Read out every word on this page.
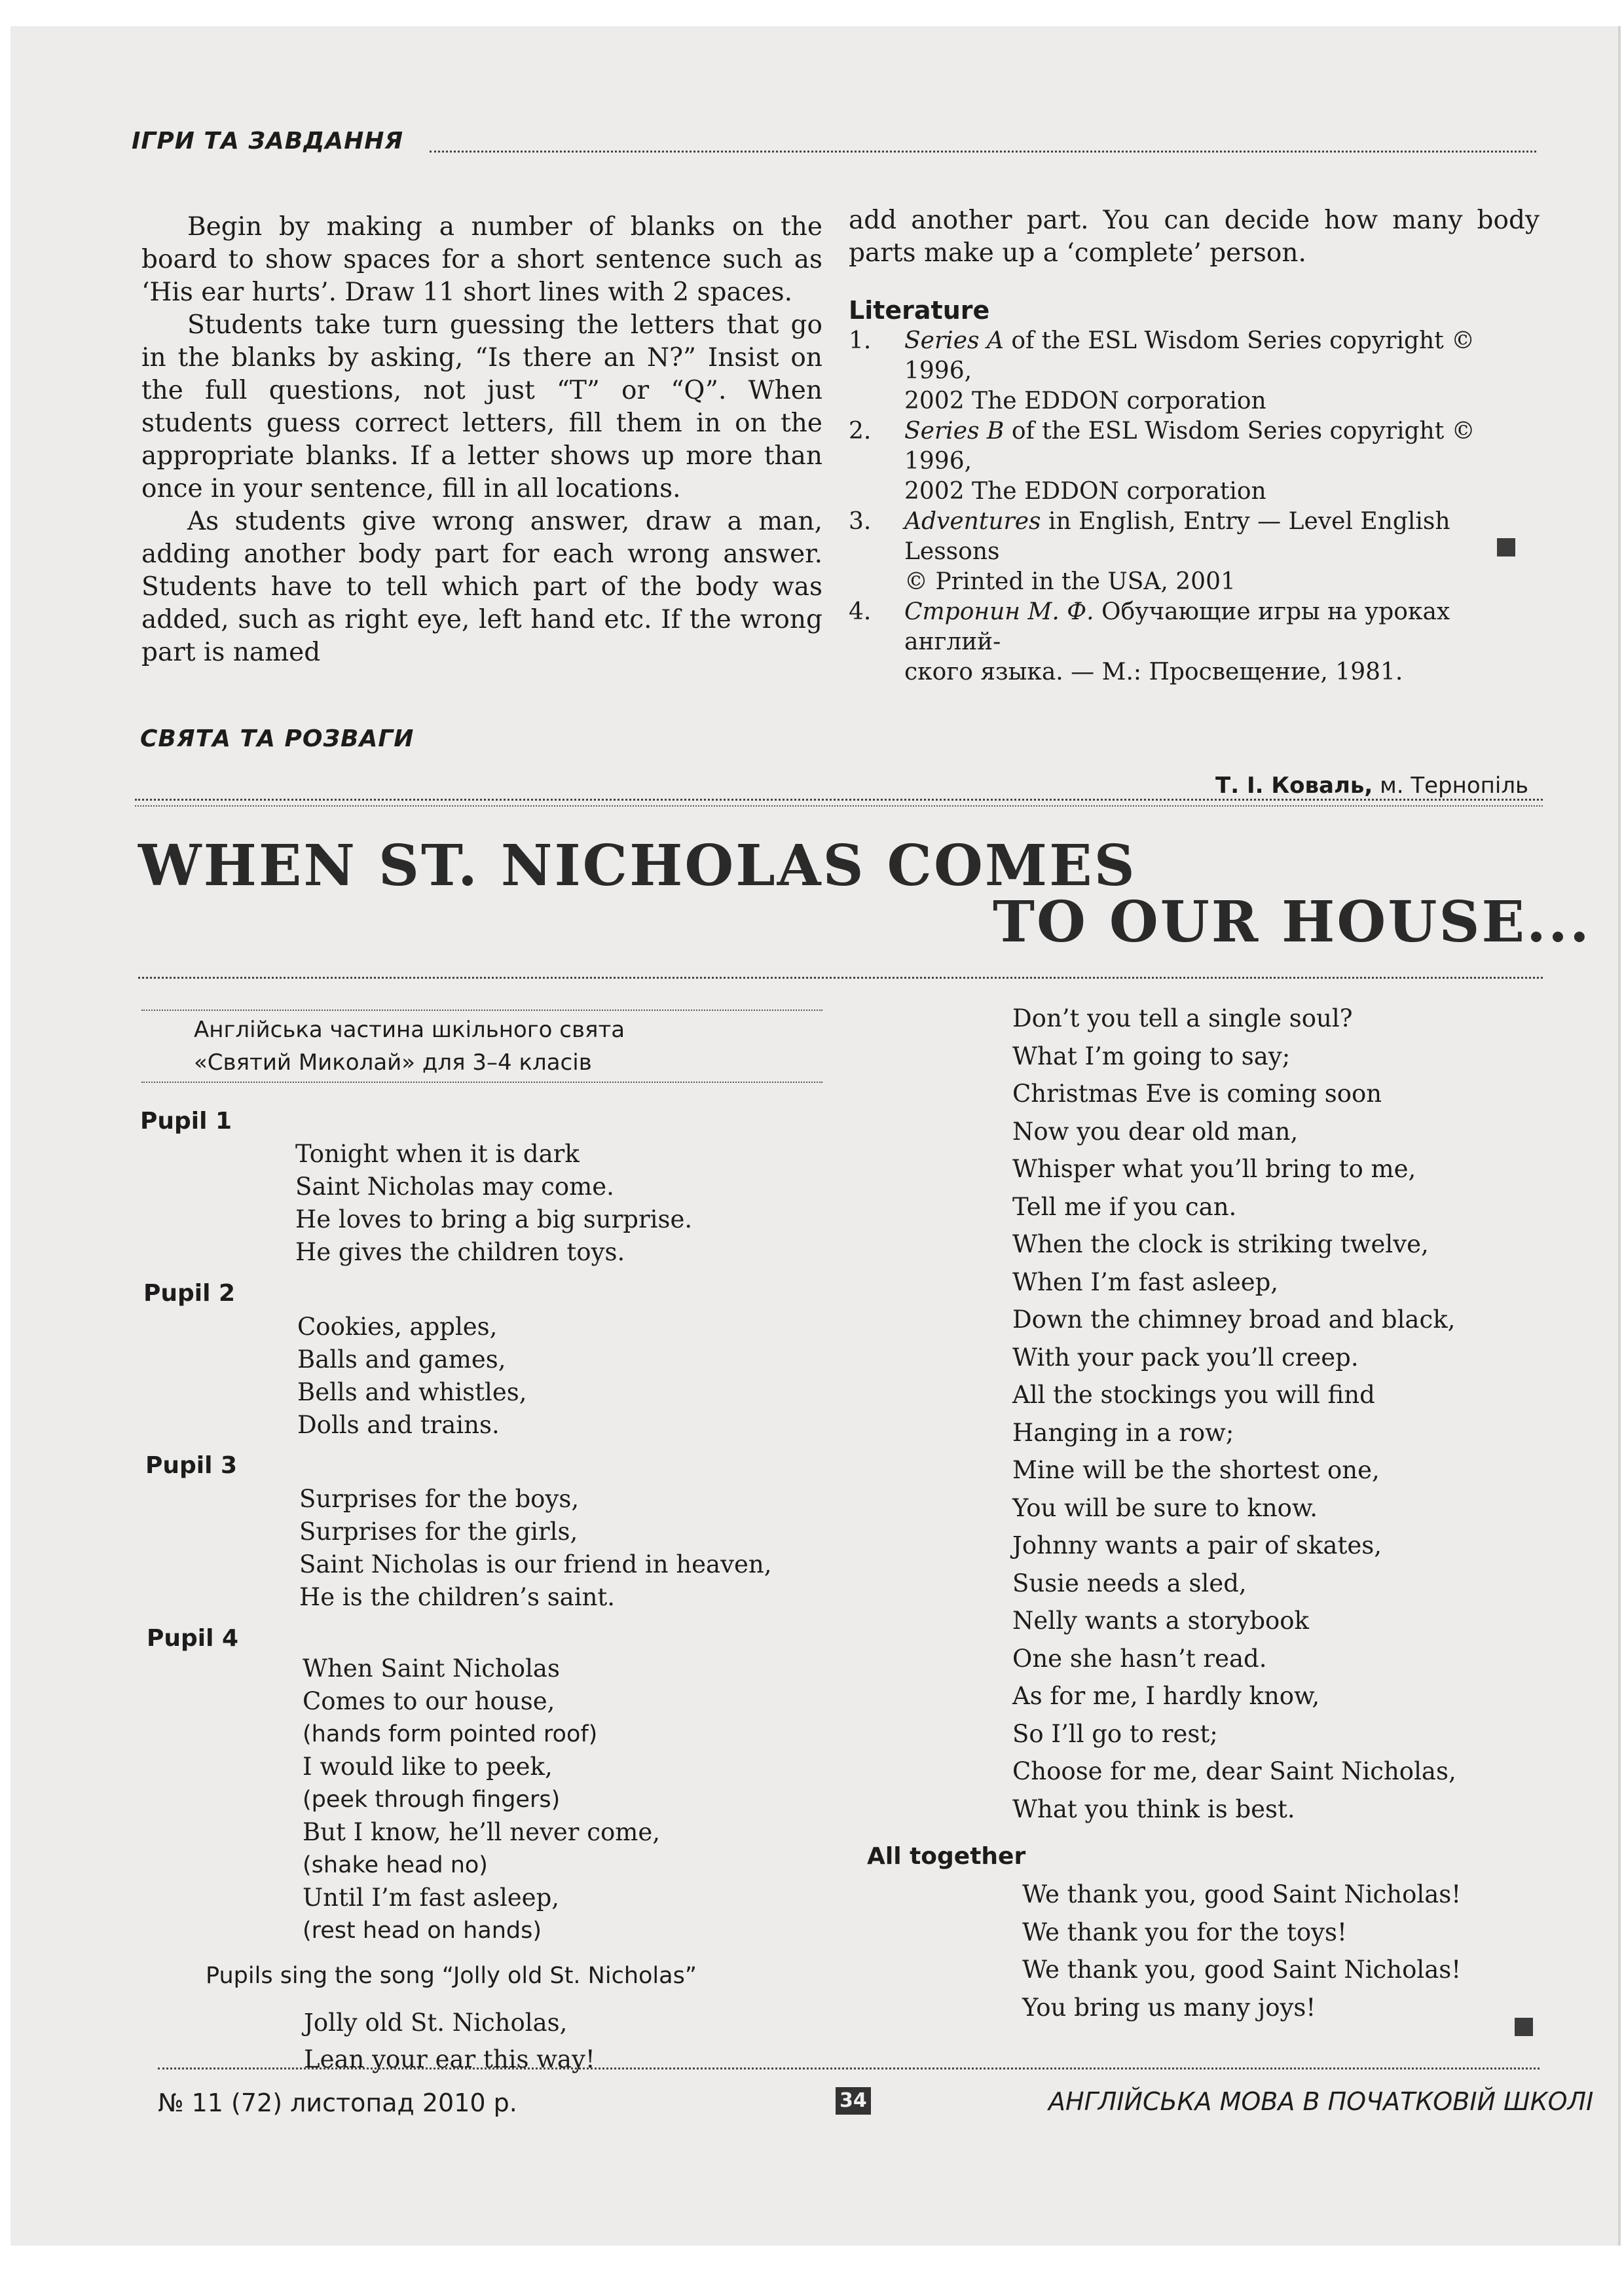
ІГРИ ТА ЗАВДАННЯ

Begin by making a number of blanks on the board to show spaces for a short sentence such as ‘His ear hurts’. Draw 11 short lines with 2 spaces.

Students take turn guessing the letters that go in the blanks by asking, “Is there an N?” Insist on the full questions, not just “T” or “Q”. When students guess correct letters, fill them in on the appropriate blanks. If a letter shows up more than once in your sentence, fill in all locations.

As students give wrong answer, draw a man, adding another body part for each wrong answer. Students have to tell which part of the body was added, such as right eye, left hand etc. If the wrong part is named

add another part. You can decide how many body parts make up a ‘complete’ person.
Literature
1. Series A of the ESL Wisdom Series copyright © 1996,
2002 The EDDON corporation
2. Series B of the ESL Wisdom Series copyright © 1996,
2002 The EDDON corporation
3. Adventures in English, Entry — Level English Lessons
© Printed in the USA, 2001
4. Стронин М. Ф. Обучающие игры на уроках англий-
ского языка. — М.: Просвещение, 1981.
СВЯТА ТА РОЗВАГИ
Т. І. Коваль, м. Тернопіль
WHEN ST. NICHOLAS COMES
TO OUR HOUSE...
Англійська частина шкільного свята
«Святий Миколай» для 3–4 класів
Pupil 1
Tonight when it is dark
Saint Nicholas may come.
He loves to bring a big surprise.
He gives the children toys.
Pupil 2
Cookies, apples,
Balls and games,
Bells and whistles,
Dolls and trains.
Pupil 3
Surprises for the boys,
Surprises for the girls,
Saint Nicholas is our friend in heaven,
He is the children’s saint.
Pupil 4
When Saint Nicholas
Comes to our house,
(hands form pointed roof)
I would like to peek,
(peek through fingers)
But I know, he’ll never come,
(shake head no)
Until I’m fast asleep,
(rest head on hands)
Pupils sing the song “Jolly old St. Nicholas”
Jolly old St. Nicholas,
Lean your ear this way!
Don’t you tell a single soul?
What I’m going to say;
Christmas Eve is coming soon
Now you dear old man,
Whisper what you’ll bring to me,
Tell me if you can.
When the clock is striking twelve,
When I’m fast asleep,
Down the chimney broad and black,
With your pack you’ll creep.
All the stockings you will find
Hanging in a row;
Mine will be the shortest one,
You will be sure to know.
Johnny wants a pair of skates,
Susie needs a sled,
Nelly wants a storybook
One she hasn’t read.
As for me, I hardly know,
So I’ll go to rest;
Choose for me, dear Saint Nicholas,
What you think is best.
All together
We thank you, good Saint Nicholas!
We thank you for the toys!
We thank you, good Saint Nicholas!
You bring us many joys!
№ 11 (72) листопад 2010 р.	34	АНГЛІЙСЬКА МОВА В ПОЧАТКОВІЙ ШКОЛІ
